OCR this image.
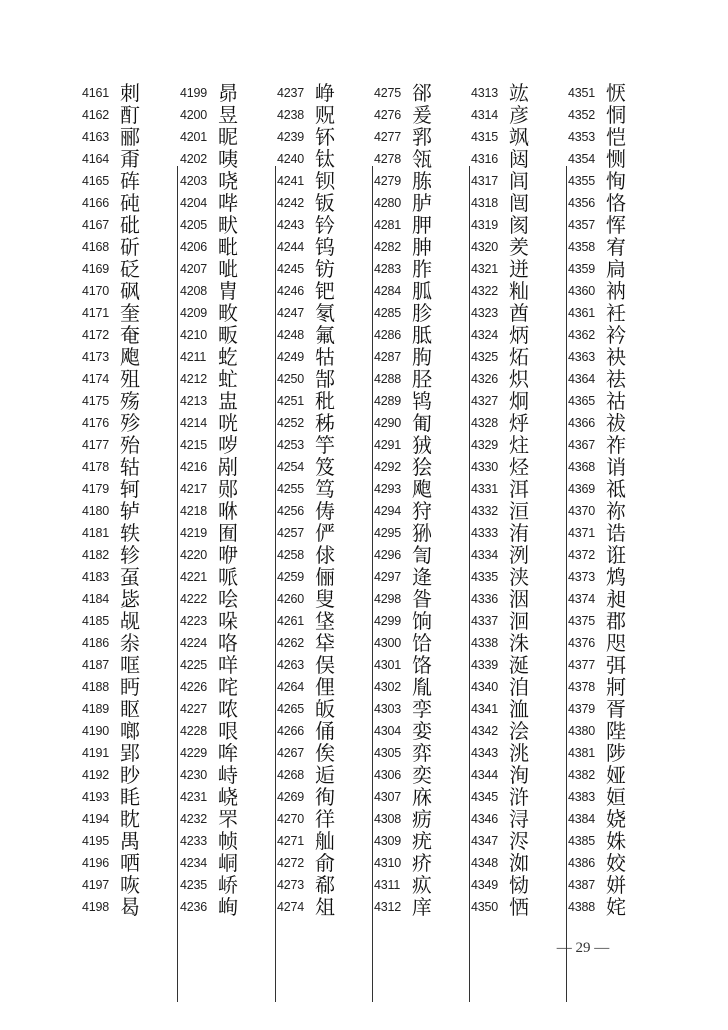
4161 刺
4162 酊
4163 郦
4164 甭
4165 砗
4166 砘
4167 砒
4168 斫
4169 砭
4170 砜
4171 奎
4172 奄
4173 飑
4174 殂
4175 殇
4176 殄
4177 殆
4178 轱
4179 轲
4180 轳
4181 轶
4182 轸
4183 虿
4184 毖
4185 觇
4186 尜
4187 哐
4188 眄
4189 眍
4190 啷
4191 郢
4192 眇
4193 眊
4194 眈
4195 禺
4196 哂
4197 咴
4198 曷
4199 昴
4200 昱
4201 昵
4202 咦
4203 哓
4204 哔
4205 畎
4206 毗
4207 呲
4208 胄
4209 畋
4210 畈
4211 虼
4212 虻
4213 盅
4214 咣
4215 哕
4216 剐
4217 郧
4218 咻
4219 囿
4220 咿
4221 哌
4222 哙
4223 哚
4224 咯
4225 咩
4226 咤
4227 哝
4228 哏
4229 哞
4230 峙
4231 峣
4232 罘
4233 帧
4234 峒
4235 峤
4236 峋
4237 峥
4238 贶
4239 钚
4240 钛
4241 钡
4242 钣
4243 钤
4244 钨
4245 钫
4246 钯
4247 氡
4248 氟
4249 牯
4250 郜
4251 秕
4252 秭
4253 竽
4254 笈
4255 笃
4256 俦
4257 俨
4258 俅
4259 俪
4260 叟
4261 垡
4262 牮
4263 俣
4264 俚
4265 皈
4266 俑
4267 俟
4268 逅
4269 徇
4270 徉
4271 舢
4272 俞
4273 郗
4274 俎
4275 郤
4276 爰
4277 郛
4278 瓴
4279 胨
4280 胪
4281 胛
4282 胂
4283 胙
4284 胍
4285 胗
4286 胝
4287 朐
4288 胫
4289 鸨
4290 匍
4291 狨
4292 狯
4293 飑
4294 狩
4295 狲
4296 訇
4297 逄
4298 昝
4299 饷
4300 饸
4301 饹
4302 胤
4303 孪
4304 娈
4305 弈
4306 奕
4307 庥
4308 疬
4309 疣
4310 疥
4311 疭
4312 庠
4313 竑
4314 彦
4315 飒
4316 闼
4317 闾
4318 闿
4319 阂
4320 羑
4321 迸
4322 籼
4323 酋
4324 炳
4325 炻
4326 炽
4327 炯
4328 烀
4329 炷
4330 烃
4331 洱
4332 洹
4333 洧
4334 洌
4335 浃
4336 洇
4337 洄
4338 洙
4339 涎
4340 洎
4341 洫
4342 浍
4343 洮
4344 洵
4345 浒
4346 浔
4347 浕
4348 洳
4349 恸
4350 恓
4351 恹
4352 恫
4353 恺
4354 恻
4355 恂
4356 恪
4357 恽
4358 宥
4359 扃
4360 衲
4361 衽
4362 衿
4363 袂
4364 祛
4365 祜
4366 祓
4367 祚
4368 诮
4369 祗
4370 祢
4371 诰
4372 诳
4373 鸩
4374 昶
4375 郡
4376 咫
4377 弭
4378 牁
4379 胥
4380 陛
4381 陟
4382 娅
4383 姮
4384 娆
4385 姝
4386 姣
4387 姘
4388 姹
— 29 —
